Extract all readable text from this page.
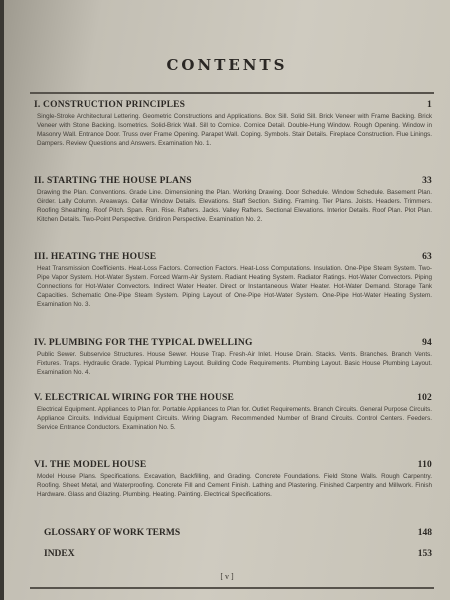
CONTENTS
I. CONSTRUCTION PRINCIPLES	1

Single-Stroke Architectural Lettering. Geometric Constructions and Applications. Box Sill. Solid Sill. Brick Veneer with Frame Backing. Brick Veneer with Stone Backing. Isometrics. Solid-Brick Wall. Sill to Cornice. Cornice Detail. Double-Hung Window. Rough Opening. Window in Masonry Wall. Entrance Door. Truss over Frame Opening. Parapet Wall. Coping. Symbols. Stair Details. Fireplace Construction. Flue Linings. Dampers. Review Questions and Answers. Examination No. 1.

II. STARTING THE HOUSE PLANS	33

Drawing the Plan. Conventions. Grade Line. Dimensioning the Plan. Working Drawing. Door Schedule. Window Schedule. Basement Plan. Girder. Lally Column. Areaways. Cellar Window Details. Elevations. Staff Section. Siding. Framing. Tier Plans. Joists. Headers. Trimmers. Roofing Sheathing. Roof Pitch. Span. Run. Rise. Rafters. Jacks. Valley Rafters. Sectional Elevations. Interior Details. Roof Plan. Plot Plan. Kitchen Details. Two-Point Perspective. Gridiron Perspective. Examination No. 2.

III. HEATING THE HOUSE	63

Heat Transmission Coefficients. Heat-Loss Factors. Correction Factors. Heat-Loss Computations. Insulation. One-Pipe Steam System. Two-Pipe Vapor System. Hot-Water System. Forced Warm-Air System. Radiant Heating System. Radiator Ratings. Hot-Water Convectors. Piping Connections for Hot-Water Convectors. Indirect Water Heater. Direct or Instantaneous Water Heater. Hot-Water Demand. Storage Tank Capacities. Schematic One-Pipe Steam System. Piping Layout of One-Pipe Hot-Water System. One-Pipe Hot-Water Heating System. Examination No. 3.

IV. PLUMBING FOR THE TYPICAL DWELLING	94

Public Sewer. Subservice Structures. House Sewer. House Trap. Fresh-Air Inlet. House Drain. Stacks. Vents. Branches. Branch Vents. Fixtures. Traps. Hydraulic Grade. Typical Plumbing Layout. Building Code Requirements. Plumbing Layout. Basic House Plumbing Layout. Examination No. 4.

V. ELECTRICAL WIRING FOR THE HOUSE	102

Electrical Equipment. Appliances to Plan for. Portable Appliances to Plan for. Outlet Requirements. Branch Circuits. General Purpose Circuits. Appliance Circuits. Individual Equipment Circuits. Wiring Diagram. Recommended Number of Brand Circuits. Control Centers. Feeders. Service Entrance Conductors. Examination No. 5.

VI. THE MODEL HOUSE	110

Model House Plans. Specifications. Excavation, Backfilling, and Grading. Concrete Foundations. Field Stone Walls. Rough Carpentry. Roofing. Sheet Metal, and Waterproofing. Concrete Fill and Cement Finish. Lathing and Plastering. Finished Carpentry and Millwork. Finish Hardware. Glass and Glazing. Plumbing. Heating. Painting. Electrical Specifications.

GLOSSARY OF WORK TERMS	148
INDEX	153
[ v ]
